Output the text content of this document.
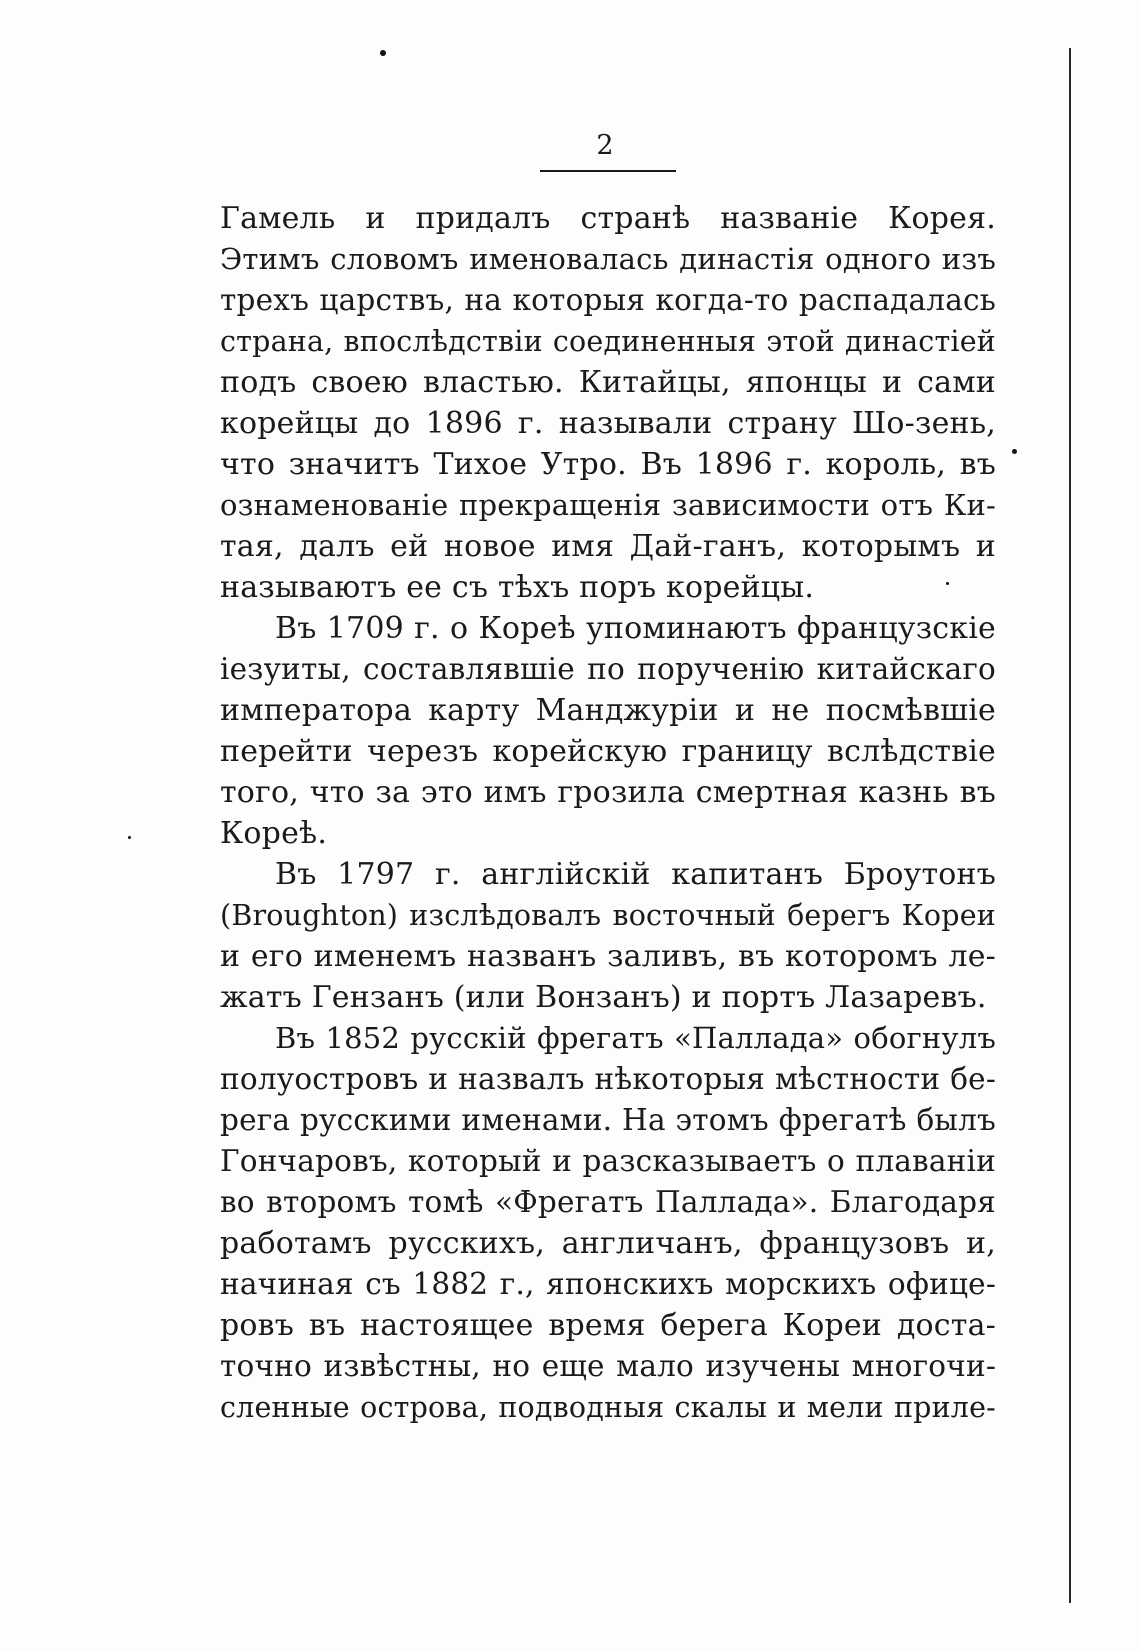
2
Гамель и придалъ странѣ названіе Корея.
Этимъ словомъ именовалась династія одного изъ
трехъ царствъ, на которыя когда-то распадалась
страна, впослѣдствіи соединенныя этой династіей
подъ своею властью. Китайцы, японцы и сами
корейцы до 1896 г. называли страну Шо-зень,
что значитъ Тихое Утро. Въ 1896 г. король, въ
ознаменованіе прекращенія зависимости отъ Ки-
тая, далъ ей новое имя Дай-ганъ, которымъ и
называютъ ее съ тѣхъ поръ корейцы.
Въ 1709 г. о Кореѣ упоминаютъ французскіе
іезуиты, составлявшіе по порученію китайскаго
императора карту Манджуріи и не посмѣвшіе
перейти черезъ корейскую границу вслѣдствіе
того, что за это имъ грозила смертная казнь въ
Кореѣ.
Въ 1797 г. англійскій капитанъ Броутонъ
(Broughton) изслѣдовалъ восточный берегъ Кореи
и его именемъ названъ заливъ, въ которомъ ле-
жатъ Гензанъ (или Вонзанъ) и портъ Лазаревъ.
Въ 1852 русскій фрегатъ «Паллада» обогнулъ
полуостровъ и назвалъ нѣкоторыя мѣстности бе-
рега русскими именами. На этомъ фрегатѣ былъ
Гончаровъ, который и разсказываетъ о плаваніи
во второмъ томѣ «Фрегатъ Паллада». Благодаря
работамъ русскихъ, англичанъ, французовъ и,
начиная съ 1882 г., японскихъ морскихъ офице-
ровъ въ настоящее время берега Кореи доста-
точно извѣстны, но еще мало изучены многочи-
сленные острова, подводныя скалы и мели приле-
